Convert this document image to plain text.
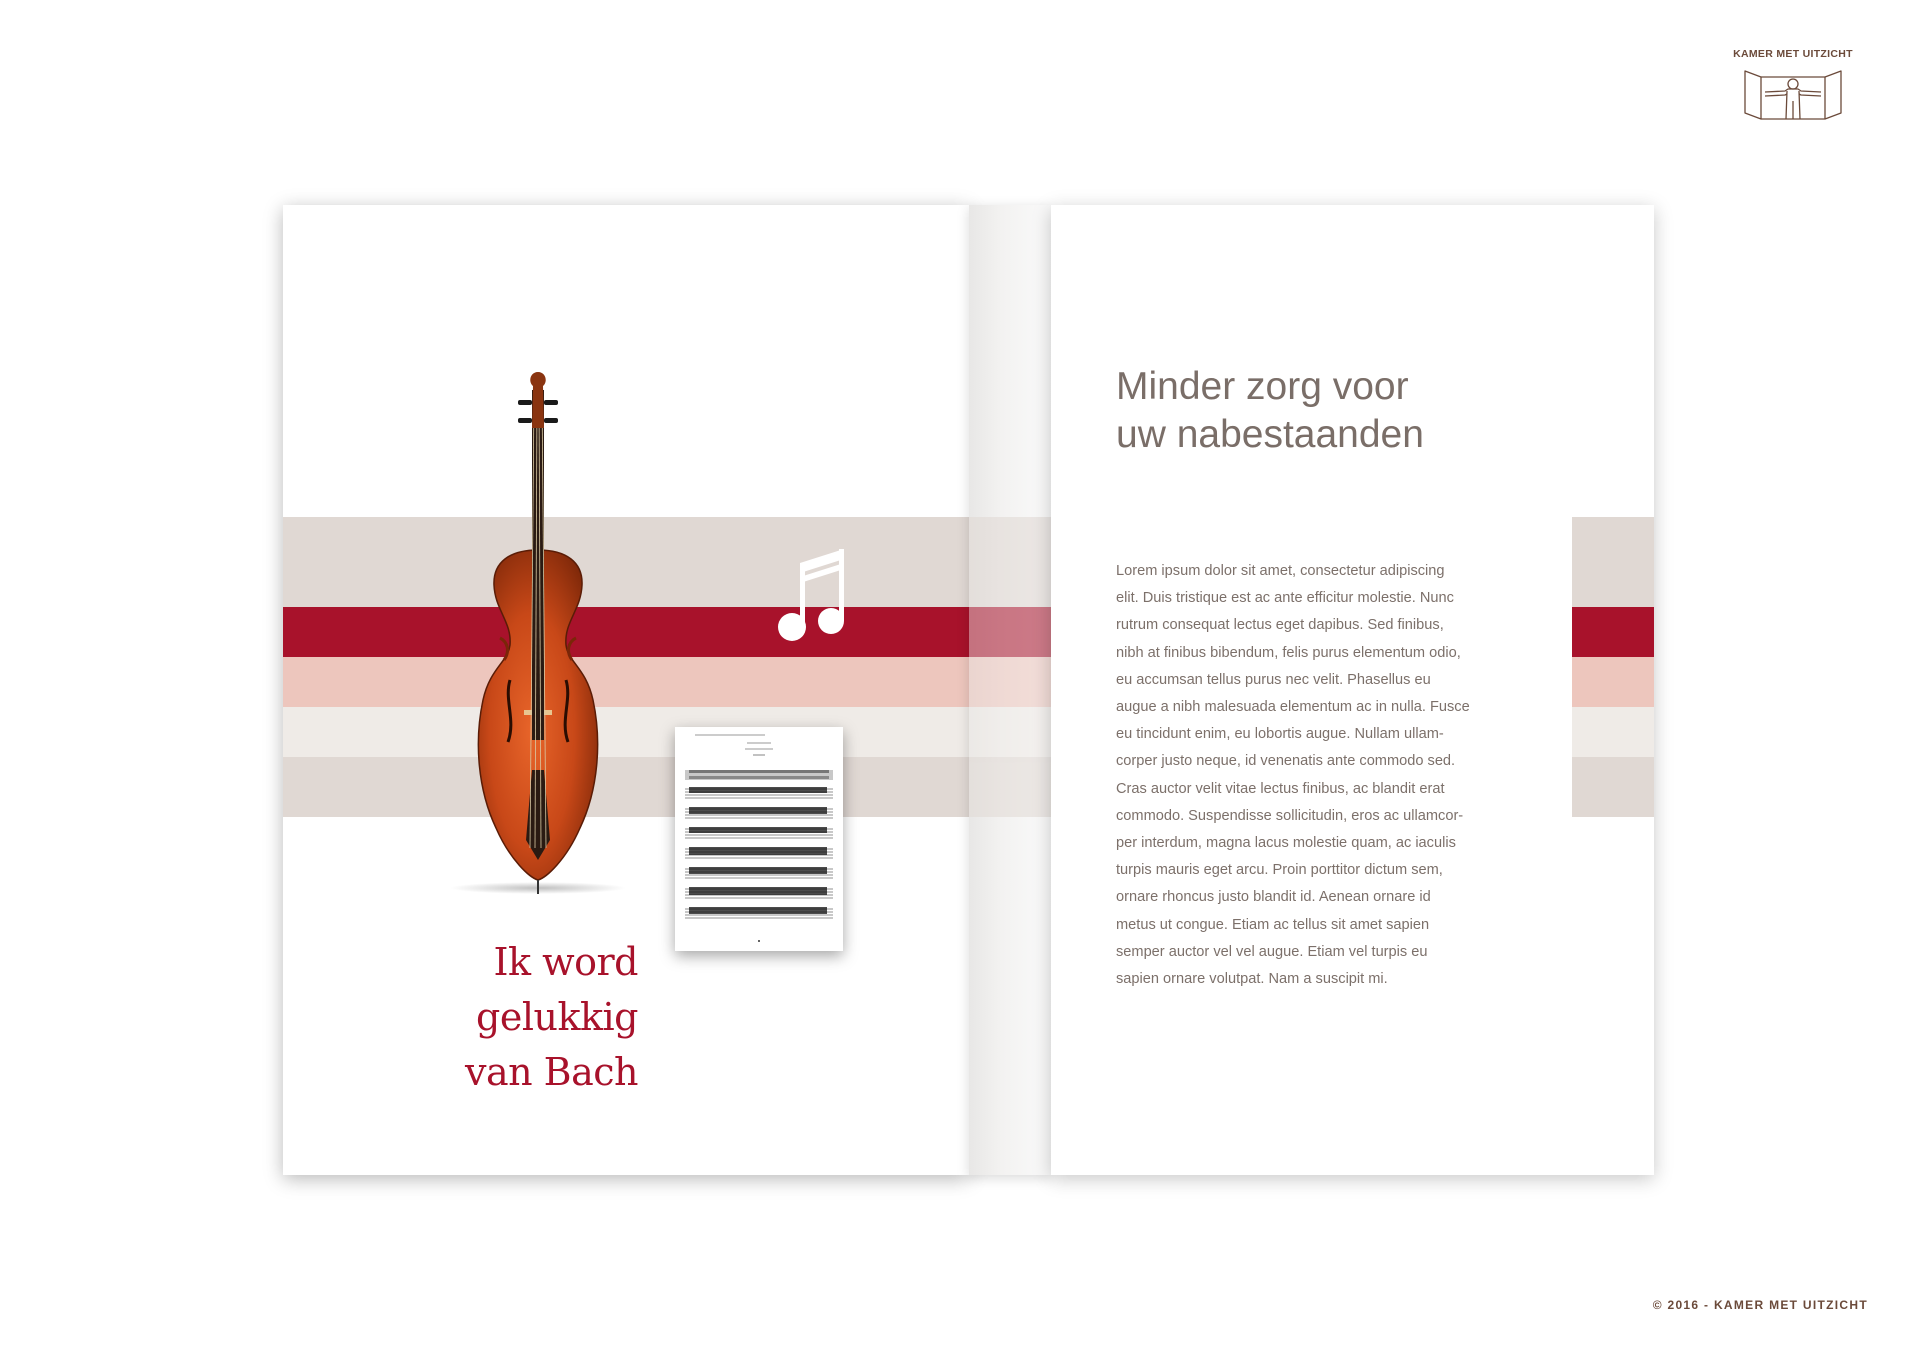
KAMER MET UITZICHT
Ik word gelukkig
van Bach
Minder zorg voor
uw nabestaanden

Lorem ipsum dolor sit amet, consectetur adipiscing
elit. Duis tristique est ac ante efficitur molestie. Nunc
rutrum consequat lectus eget dapibus. Sed finibus,
nibh at finibus bibendum, felis purus elementum odio,
eu accumsan tellus purus nec velit. Phasellus eu
augue a nibh malesuada elementum ac in nulla. Fusce
eu tincidunt enim, eu lobortis augue. Nullam ullam-
corper justo neque, id venenatis ante commodo sed.
Cras auctor velit vitae lectus finibus, ac blandit erat
commodo. Suspendisse sollicitudin, eros ac ullamcor-
per interdum, magna lacus molestie quam, ac iaculis
turpis mauris eget arcu. Proin porttitor dictum sem,
ornare rhoncus justo blandit id. Aenean ornare id
metus ut congue. Etiam ac tellus sit amet sapien
semper auctor vel vel augue. Etiam vel turpis eu
sapien ornare volutpat. Nam a suscipit mi.

© 2016 - KAMER MET UITZICHT
